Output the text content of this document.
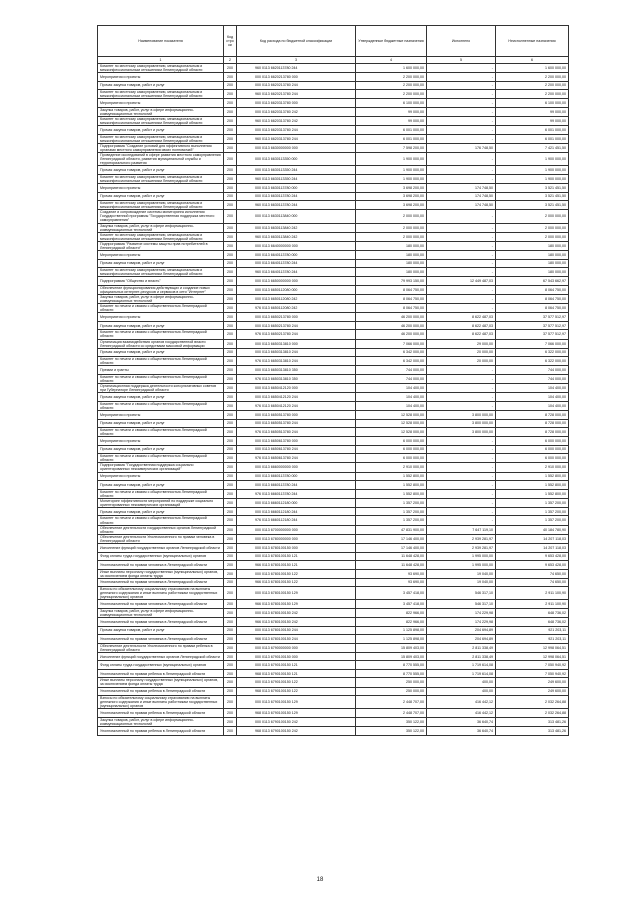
Наименование показателя	Код стро ки	Код расхода по бюджетной классификации	Утвержденные бюджетные назначения	Исполнено	Неисполненные назначения
1	2	3	4	5	6
Комитет по местному самоуправлению, межнациональным и межконфессиональным отношениям Ленинградской области	200	960 0113 6620113780 244	1 600 000,00	-	1 600 000,00
Мероприятия и проекты	200	000 0113 6620213780 000	2 200 000,00	-	2 200 000,00
Прочая закупка товаров, работ и услуг	200	000 0113 6620213780 244	2 200 000,00	-	2 200 000,00
Комитет по местному самоуправлению, межнациональным и межконфессиональным отношениям Ленинградской области	200	960 0113 6620213780 244	2 200 000,00	-	2 200 000,00
Мероприятия и проекты	200	000 0113 6620313780 000	6 100 000,00	-	6 100 000,00
Закупка товаров, работ, услуг в сфере информационно-коммуникационных технологий	200	000 0113 6620313780 242	99 000,00	-	99 000,00
Комитет по местному самоуправлению, межнациональным и межконфессиональным отношениям Ленинградской области	200	960 0113 6620313780 242	99 000,00	-	99 000,00
Прочая закупка товаров, работ и услуг	200	000 0113 6620313780 244	6 001 000,00	-	6 001 000,00
Комитет по местному самоуправлению, межнациональным и межконфессиональным отношениям Ленинградской области	200	960 0113 6620313780 244	6 001 000,00	-	6 001 000,00
Подпрограмма "Создание условий для эффективного выполнения органами местного самоуправления своих полномочий"	200	000 0113 6630000000 000	7 598 200,00	176 748,50	7 421 451,50
Проведение исследований в сфере развития местного самоуправления Ленинградской области, развития муниципальной службы и территориального развития	200	000 0113 6630113350 000	1 900 000,00	-	1 900 000,00
Прочая закупка товаров, работ и услуг	200	000 0113 6630113350 244	1 900 000,00	-	1 900 000,00
Комитет по местному самоуправлению, межнациональным и межконфессиональным отношениям Ленинградской области	200	960 0113 6630113350 244	1 900 000,00	-	1 900 000,00
Мероприятия и проекты	200	000 0113 6630113780 000	3 698 200,00	174 748,50	3 521 451,50
Прочая закупка товаров, работ и услуг	200	000 0113 6630113780 244	3 698 200,00	174 748,50	3 521 451,50
Комитет по местному самоуправлению, межнациональным и межконфессиональным отношениям Ленинградской области	200	960 0113 6630113780 244	3 698 200,00	174 748,50	3 521 451,50
Создание и сопровождение системы мониторинга исполнения Государственной программы "Государственная поддержка местного самоуправления"	200	000 0113 6630113840 000	2 000 000,00	-	2 000 000,00
Закупка товаров, работ, услуг в сфере информационно-коммуникационных технологий	200	000 0113 6630113840 242	2 000 000,00	-	2 000 000,00
Комитет по местному самоуправлению, межнациональным и межконфессиональным отношениям Ленинградской области	200	960 0113 6630113840 242	2 000 000,00	-	2 000 000,00
Подпрограмма "Развитие системы защиты прав потребителей в Ленинградской области"	200	000 0113 6640000000 000	180 000,00	-	180 000,00
Мероприятия и проекты	200	000 0113 6640113780 000	180 000,00	-	180 000,00
Прочая закупка товаров, работ и услуг	200	000 0113 6640113780 244	180 000,00	-	180 000,00
Комитет по местному самоуправлению, межнациональным и межконфессиональным отношениям Ленинградской области	200	960 0113 6640113780 244	180 000,00	-	180 000,00
Подпрограмма "Общество и власть"	200	000 0113 6650000000 000	79 993 150,00	12 449 487,03	67 543 662,97
Обеспечение функционирования действующих и создание новых официальных интернет-ресурсов и сервисов в сети "Интернет"	200	000 0113 6650112080 000	8 064 750,00	-	8 064 750,00
Закупка товаров, работ, услуг в сфере информационно-коммуникационных технологий	200	000 0113 6650112080 242	8 064 750,00	-	8 064 750,00
Комитет по печати и связям с общественностью Ленинградской области	200	976 0113 6650112080 242	8 064 750,00	-	8 064 750,00
Мероприятия и проекты	200	000 0113 6650213780 000	46 200 000,00	8 622 487,03	37 577 512,97
Прочая закупка товаров, работ и услуг	200	000 0113 6650213780 244	46 200 000,00	8 622 487,03	37 577 512,97
Комитет по печати и связям с общественностью Ленинградской области	200	976 0113 6650213780 244	46 200 000,00	8 622 487,03	37 577 512,97
Организация взаимодействия органов государственной власти Ленинградской области со средствами массовой информации	200	000 0113 6650313810 000	7 066 000,00	29 000,00	7 066 000,00
Прочая закупка товаров, работ и услуг	200	000 0113 6650313810 244	6 342 000,00	20 000,00	6 322 000,00
Комитет по печати и связям с общественностью Ленинградской области	200	976 0113 6650313810 244	6 342 000,00	20 000,00	6 322 000,00
Премии и гранты	200	000 0113 6650313810 350	744 000,00	-	744 000,00
Комитет по печати и связям с общественностью Ленинградской области	200	976 0113 6650313810 350	744 000,00	-	744 000,00
Организационная поддержка деятельности консультативных советов при Губернаторе Ленинградской области	200	000 0113 6650412120 000	104 400,00	-	104 400,00
Прочая закупка товаров, работ и услуг	200	000 0113 6650412120 244	104 400,00	-	104 400,00
Комитет по печати и связям с общественностью Ленинградской области	200	976 0113 6650412120 244	104 400,00	-	104 400,00
Мероприятия и проекты	200	000 0113 6650513780 000	12 528 000,00	3 800 000,00	8 728 000,00
Прочая закупка товаров, работ и услуг	200	000 0113 6650513780 244	12 528 000,00	3 800 000,00	8 728 000,00
Комитет по печати и связям с общественностью Ленинградской области	200	976 0113 6650513780 244	12 528 000,00	3 800 000,00	8 728 000,00
Мероприятия и проекты	200	000 0113 6650613780 000	6 000 000,00	-	6 000 000,00
Прочая закупка товаров, работ и услуг	200	000 0113 6650613780 244	6 000 000,00	-	6 000 000,00
Комитет по печати и связям с общественностью Ленинградской области	200	976 0113 6650613780 244	6 000 000,00	-	6 000 000,00
Подпрограмма "Государственная поддержка социально ориентированных некоммерческих организаций"	200	000 0113 6660000000 000	2 910 000,00	-	2 910 000,00
Мероприятия и проекты	200	000 0113 6660113780 000	1 552 800,00	-	1 552 800,00
Прочая закупка товаров, работ и услуг	200	000 0113 6660113780 244	1 552 800,00	-	1 552 800,00
Комитет по печати и связям с общественностью Ленинградской области	200	976 0113 6660113780 244	1 552 800,00	-	1 552 800,00
Мониторинг эффективности мероприятий по поддержке социально ориентированных некоммерческих организаций	200	000 0113 6660112180 000	1 357 200,00	-	1 357 200,00
Прочая закупка товаров, работ и услуг	200	000 0113 6660112180 244	1 357 200,00	-	1 357 200,00
Комитет по печати и связям с общественностью Ленинградской области	200	976 0113 6660112180 244	1 357 200,00	-	1 357 200,00
Обеспечение деятельности государственных органов Ленинградской области	200	000 0113 6700000000 000	47 831 900,00	7 647 119,10	40 184 780,90
Обеспечение деятельности Уполномоченного по правам человека в Ленинградской области	200	000 0113 6780000000 000	17 146 400,00	2 939 281,97	14 207 118,03
Исполнение функций государственных органов Ленинградской области	200	000 0113 6780100150 000	17 146 400,00	2 939 281,97	14 207 118,03
Фонд оплаты труда государственных (муниципальных) органов	200	000 0113 6780100150 121	11 648 428,00	1 995 000,00	9 653 428,00
Уполномоченный по правам человека в Ленинградской области	200	966 0113 6780100150 121	11 648 428,00	1 995 000,00	9 653 428,00
Иные выплаты персоналу государственных (муниципальных) органов, за исключением фонда оплаты труда	200	000 0113 6780100150 122	93 690,00	19 040,00	74 650,00
Уполномоченный по правам человека в Ленинградской области	200	966 0113 6780100150 122	93 690,00	19 040,00	74 650,00
Взносы по обязательному социальному страхованию на выплаты денежного содержания и иные выплаты работникам государственных (муниципальных) органов	200	000 0113 6780100150 129	3 457 418,00	546 317,10	2 911 100,90
Уполномоченный по правам человека в Ленинградской области	200	966 0113 6780100150 129	3 457 418,00	546 317,10	2 911 100,90
Закупка товаров, работ, услуг в сфере информационно-коммуникационных технологий	200	000 0113 6780100150 242	822 966,00	174 229,98	648 736,02
Уполномоченный по правам человека в Ленинградской области	200	966 0113 6780100150 242	822 966,00	174 229,98	648 736,02
Прочая закупка товаров, работ и услуг	200	000 0113 6780100150 244	1 125 898,00	204 694,89	921 203,11
Уполномоченный по правам человека в Ленинградской области	200	966 0113 6780100150 244	1 125 898,00	204 694,89	921 203,11
Обеспечение деятельности Уполномоченного по правам ребенка в Ленинградской области	200	000 0113 6790000000 000	15 809 403,00	2 811 338,49	12 998 064,51
Исполнение функций государственных органов Ленинградской области	200	000 0113 6790100150 000	15 809 403,00	2 811 338,49	12 998 064,51
Фонд оплаты труда государственных (муниципальных) органов	200	000 0113 6790100150 121	8 770 555,00	1 719 614,08	7 050 940,92
Уполномоченный по правам ребенка в Ленинградской области	200	968 0113 6790100150 121	8 770 555,00	1 719 614,08	7 050 940,92
Иные выплаты персоналу государственных (муниципальных) органов, за исключением фонда оплаты труда	200	000 0113 6790100150 122	250 000,00	400,00	249 600,00
Уполномоченный по правам ребенка в Ленинградской области	200	968 0113 6790100150 122	250 000,00	400,00	249 600,00
Взносы по обязательному социальному страхованию на выплаты денежного содержания и иные выплаты работникам государственных (муниципальных) органов	200	000 0113 6790100150 129	2 448 707,00	416 442,12	2 032 264,88
Уполномоченный по правам ребенка в Ленинградской области	200	968 0113 6790100150 129	2 448 707,00	416 442,12	2 032 264,88
Закупка товаров, работ, услуг в сфере информационно-коммуникационных технологий	200	000 0113 6790100150 242	350 122,00	36 640,74	313 481,26
Уполномоченный по правам ребенка в Ленинградской области	200	968 0113 6790100150 242	350 122,00	36 640,74	313 481,26
18
